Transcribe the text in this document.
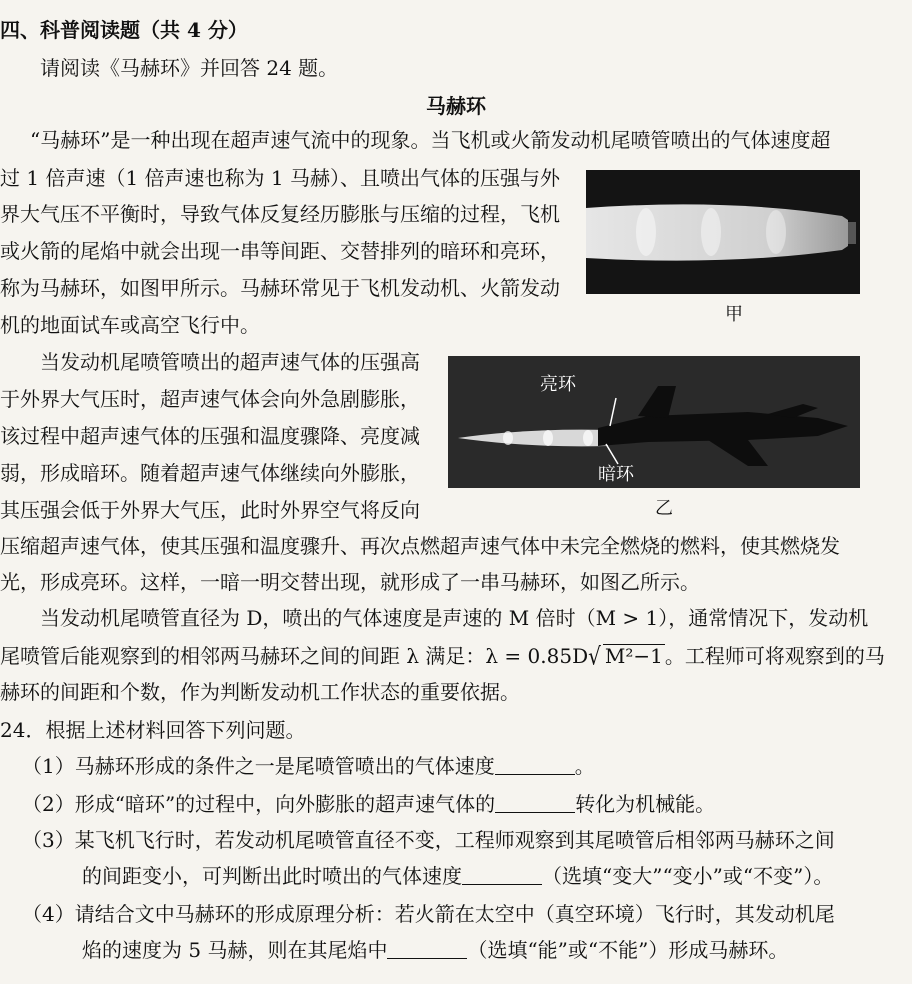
四、科普阅读题（共 4 分）
请阅读《马赫环》并回答 24 题。
马赫环
“马赫环”是一种出现在超声速气流中的现象。当飞机或火箭发动机尾喷管喷出的气体速度超
过 1 倍声速（1 倍声速也称为 1 马赫）、且喷出气体的压强与外
界大气压不平衡时，导致气体反复经历膨胀与压缩的过程，飞机
或火箭的尾焰中就会出现一串等间距、交替排列的暗环和亮环，
称为马赫环，如图甲所示。马赫环常见于飞机发动机、火箭发动
机的地面试车或高空飞行中。	甲
当发动机尾喷管喷出的超声速气体的压强高
于外界大气压时，超声速气体会向外急剧膨胀，
该过程中超声速气体的压强和温度骤降、亮度减
弱，形成暗环。随着超声速气体继续向外膨胀，
其压强会低于外界大气压，此时外界空气将反向
亮环
暗环
乙
压缩超声速气体，使其压强和温度骤升、再次点燃超声速气体中未完全燃烧的燃料，使其燃烧发
光，形成亮环。这样，一暗一明交替出现，就形成了一串马赫环，如图乙所示。
当发动机尾喷管直径为 D，喷出的气体速度是声速的 M 倍时（M > 1），通常情况下，发动机
尾喷管后能观察到的相邻两马赫环之间的间距 λ 满足：λ = 0.85D√ M²−1 。工程师可将观察到的马
赫环的间距和个数，作为判断发动机工作状态的重要依据。
24．根据上述材料回答下列问题。
（1）马赫环形成的条件之一是尾喷管喷出的气体速度	。
（2）形成“暗环”的过程中，向外膨胀的超声速气体的	转化为机械能。
（3）某飞机飞行时，若发动机尾喷管直径不变，工程师观察到其尾喷管后相邻两马赫环之间
的间距变小，可判断出此时喷出的气体速度	（选填“变大”“变小”或“不变”）。
（4）请结合文中马赫环的形成原理分析：若火箭在太空中（真空环境）飞行时，其发动机尾
焰的速度为 5 马赫，则在其尾焰中	（选填“能”或“不能”）形成马赫环。
